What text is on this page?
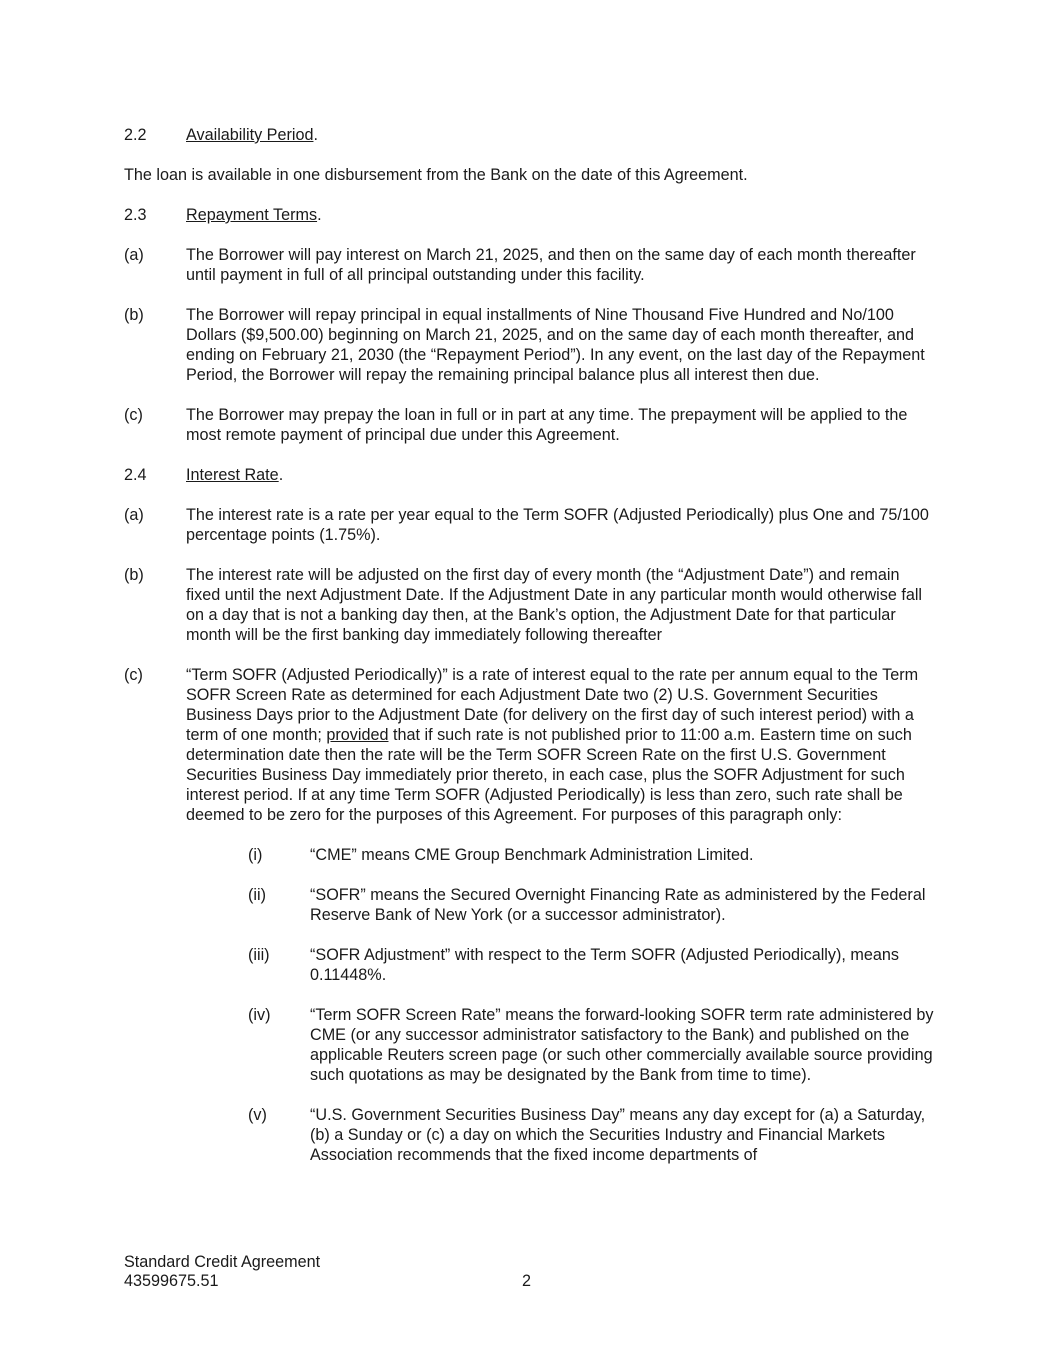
2.2	Availability Period.
The loan is available in one disbursement from the Bank on the date of this Agreement.
2.3	Repayment Terms.
(a)	The Borrower will pay interest on March 21, 2025, and then on the same day of each month thereafter until payment in full of all principal outstanding under this facility.
(b)	The Borrower will repay principal in equal installments of Nine Thousand Five Hundred and No/100 Dollars ($9,500.00) beginning on March 21, 2025, and on the same day of each month thereafter, and ending on February 21, 2030 (the “Repayment Period”). In any event, on the last day of the Repayment Period, the Borrower will repay the remaining principal balance plus all interest then due.
(c)	The Borrower may prepay the loan in full or in part at any time. The prepayment will be applied to the most remote payment of principal due under this Agreement.
2.4	Interest Rate.
(a)	The interest rate is a rate per year equal to the Term SOFR (Adjusted Periodically) plus One and 75/100 percentage points (1.75%).
(b)	The interest rate will be adjusted on the first day of every month (the “Adjustment Date”) and remain fixed until the next Adjustment Date. If the Adjustment Date in any particular month would otherwise fall on a day that is not a banking day then, at the Bank’s option, the Adjustment Date for that particular month will be the first banking day immediately following thereafter
(c)	“Term SOFR (Adjusted Periodically)” is a rate of interest equal to the rate per annum equal to the Term SOFR Screen Rate as determined for each Adjustment Date two (2) U.S. Government Securities Business Days prior to the Adjustment Date (for delivery on the first day of such interest period) with a term of one month; provided that if such rate is not published prior to 11:00 a.m. Eastern time on such determination date then the rate will be the Term SOFR Screen Rate on the first U.S. Government Securities Business Day immediately prior thereto, in each case, plus the SOFR Adjustment for such interest period. If at any time Term SOFR (Adjusted Periodically) is less than zero, such rate shall be deemed to be zero for the purposes of this Agreement. For purposes of this paragraph only:
(i)	“CME” means CME Group Benchmark Administration Limited.
(ii)	“SOFR” means the Secured Overnight Financing Rate as administered by the Federal Reserve Bank of New York (or a successor administrator).
(iii)	“SOFR Adjustment” with respect to the Term SOFR (Adjusted Periodically), means 0.11448%.
(iv)	“Term SOFR Screen Rate” means the forward-looking SOFR term rate administered by CME (or any successor administrator satisfactory to the Bank) and published on the applicable Reuters screen page (or such other commercially available source providing such quotations as may be designated by the Bank from time to time).
(v)	“U.S. Government Securities Business Day” means any day except for (a) a Saturday, (b) a Sunday or (c) a day on which the Securities Industry and Financial Markets Association recommends that the fixed income departments of
Standard Credit Agreement
43599675.51	2
